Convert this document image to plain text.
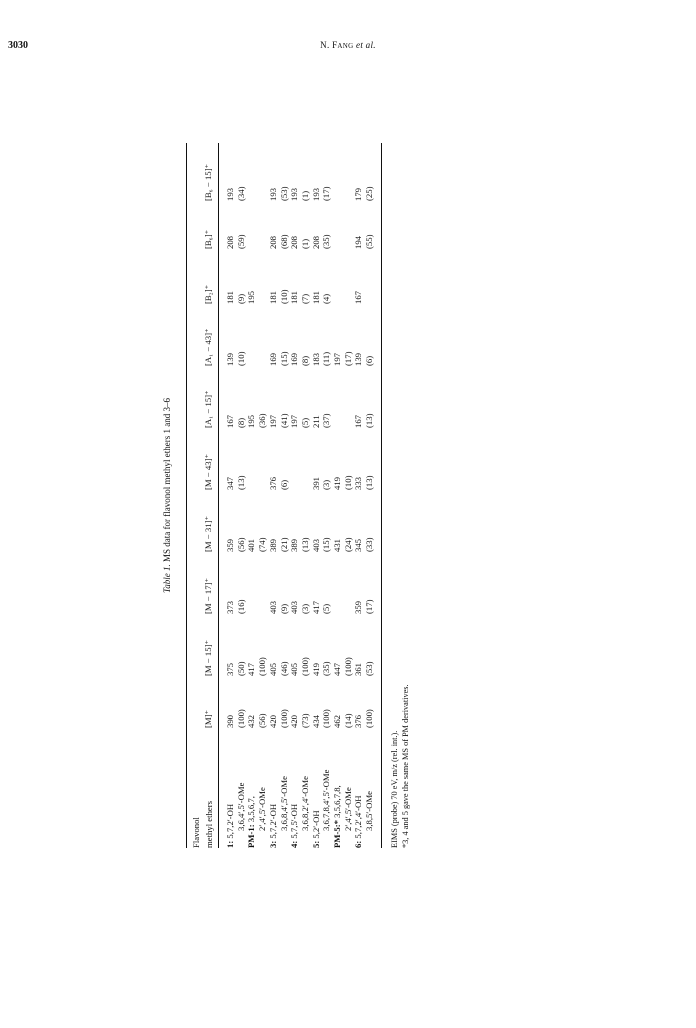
3030	N. FANG et al.
Table 1. MS data for flavonol methyl ethers 1 and 3–6
Flavonol										
methyl ethers	[M]⁺	[M − 15]⁺	[M − 17]⁺	[M − 31]⁺	[M − 43]⁺	[A₁ − 15]⁺	[A₁ − 43]⁺	[B₂]⁺	[B₆]⁺	[B₆ − 15]⁺
1: 5,7,2′-OH	390	375	373	359	347	167	139	181	208	193
3,6,4′,5′-OMe	(100)	(50)	(16)	(56)	(13)	(8)	(10)	(9)	(59)	(34)
PM-1: 3,5,6,7,	432	417		401		195		195		
2′,4′,5′-OMe	(56)	(100)		(74)		(36)				
3: 5,7,2′-OH	420	405	403	389	376	197	169	181	208	193
3,6,8,4′,5′-OMe	(100)	(46)	(9)	(21)	(6)	(41)	(15)	(10)	(68)	(53)
4: 5,7,5′-OH	420	405	403	389		197	169	181	208	193
3,6,8,2′,4′-OMe	(73)	(100)	(3)	(13)		(5)	(8)	(7)	(1)	(1)
5: 5,2′-OH	434	419	417	403	391	211	183	181	208	193
3,6,7,8,4′,5′-OMe	(100)	(35)	(5)	(15)	(3)	(37)	(11)	(4)	(35)	(17)
PM-5:* 3,5,6,7,8,	462	447		431	419		197			
2′,4′,5′-OMe	(14)	(100)		(24)	(10)		(17)			
6: 5,7,2′,4′-OH	376	361	359	345	333	167	139	167	194	179
3,8,5′-OMe	(100)	(53)	(17)	(33)	(13)	(13)	(6)		(55)	(25)
EIMS (probe) 70 eV, m/z (rel. int.). *3, 4 and 5 gave the same MS of PM derivatives.
